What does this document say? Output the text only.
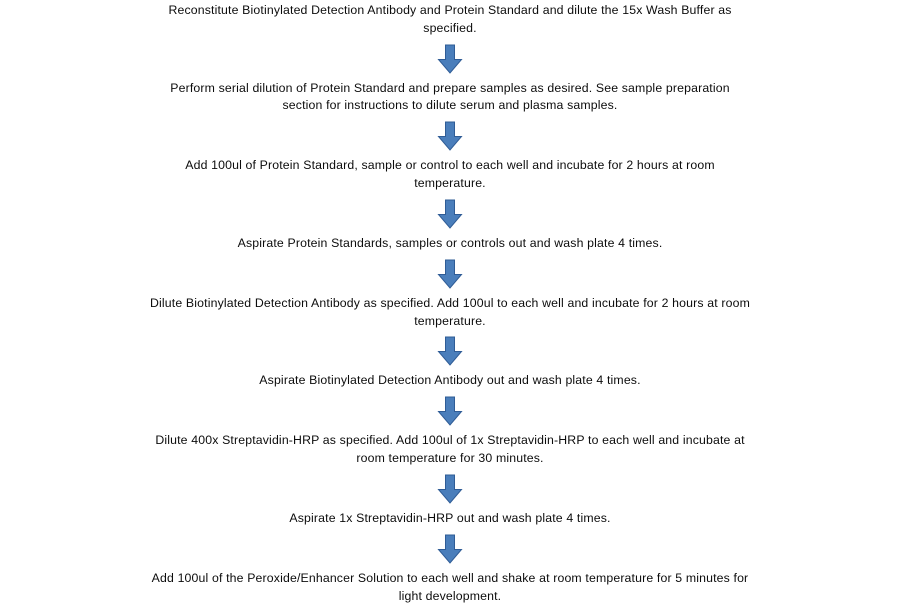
Reconstitute Biotinylated Detection Antibody and Protein Standard and dilute the 15x Wash Buffer as specified.
Perform serial dilution of Protein Standard and prepare samples as desired. See sample preparation section for instructions to dilute serum and plasma samples.
Add 100ul of Protein Standard, sample or control to each well and incubate for 2 hours at room temperature.
Aspirate Protein Standards, samples or controls out and wash plate 4 times.
Dilute Biotinylated Detection Antibody as specified. Add 100ul to each well and incubate for 2 hours at room temperature.
Aspirate Biotinylated Detection Antibody out and wash plate 4 times.
Dilute 400x Streptavidin-HRP as specified. Add 100ul of 1x Streptavidin-HRP to each well and incubate at room temperature for 30 minutes.
Aspirate 1x Streptavidin-HRP out and wash plate 4 times.
Add 100ul of the Peroxide/Enhancer Solution to each well and shake at room temperature for 5 minutes for light development.
